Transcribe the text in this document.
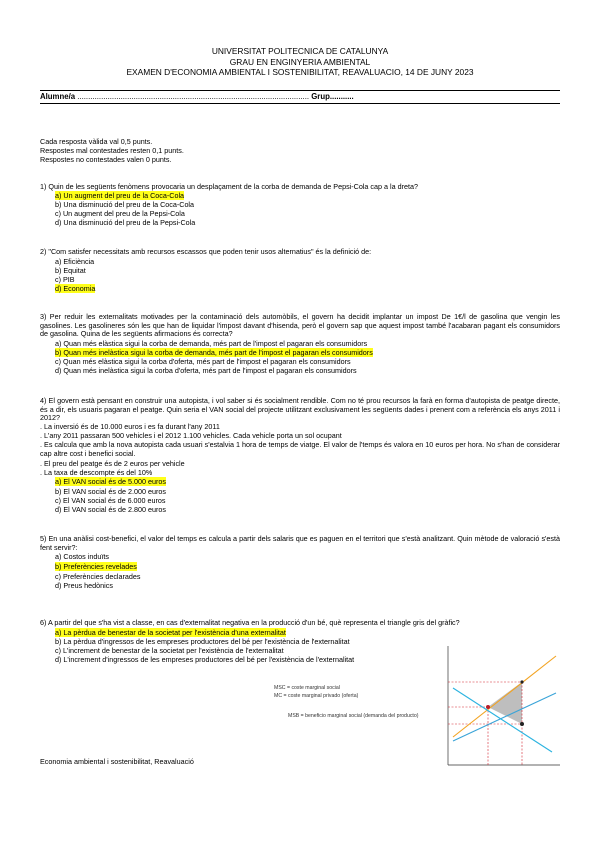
UNIVERSITAT POLITECNICA DE CATALUNYA
GRAU EN ENGINYERIA AMBIENTAL
EXAMEN D'ECONOMIA AMBIENTAL I SOSTENIBILITAT, REAVALUACIO, 14 DE JUNY 2023
Alumne/a ........................................................................................................... Grup...........
Cada resposta vàlida val 0,5 punts.
Respostes mal contestades resten 0,1 punts.
Respostes no contestades valen 0 punts.
1) Quin de les següents fenòmens provocaria un desplaçament de la corba de demanda de Pepsi-Cola cap a la dreta?
a) Un augment del preu de la Coca-Cola
b) Una disminució del preu de la Coca-Cola
c) Un augment del preu de la Pepsi-Cola
d) Una disminució del preu de la Pepsi-Cola
2) "Com satisfer necessitats amb recursos escassos que poden tenir usos alternatius" és la definició de:
a) Eficiència
b) Equitat
c) PIB
d) Economia
3) Per reduir les externalitats motivades per la contaminació dels automòbils, el govern ha decidit implantar un impost De 1€/l de gasolina que vengin les gasolines. Les gasolineres són les que han de liquidar l'impost davant d'hisenda, però el govern sap que aquest impost també l'acabaran pagant els consumidors de gasolina. Quina de les següents afirmacions és correcta?
a) Quan més elàstica sigui la corba de demanda, més part de l'impost el pagaran els consumidors
b) Quan més inelàstica sigui la corba de demanda, més part de l'impost el pagaran els consumidors
c) Quan més elàstica sigui la corba d'oferta, més part de l'impost el pagaran els consumidors
d) Quan més inelàstica sigui la corba d'oferta, més part de l'impost el pagaran els consumidors
4) El govern està pensant en construir una autopista, i vol saber si és socialment rendible. Com no té prou recursos la farà en forma d'autopista de peatge directe, és a dir, els usuaris pagaran el peatge. Quin seria el VAN social del projecte utilitzant exclusivament les següents dades i prenent com a referència els anys 2011 i 2012?
. La inversió és de 10.000 euros i es fa durant l'any 2011
. L'any 2011 passaran 500 vehicles i el 2012 1.100 vehicles. Cada vehicle porta un sol ocupant
. Es calcula que amb la nova autopista cada usuari s'estalvia 1 hora de temps de viatge. El valor de l'temps és valora en 10 euros per hora. No s'han de considerar cap altre cost i benefici social.
. El preu del peatge és de 2 euros per vehicle
. La taxa de descompte és del 10%
a) El VAN social és de 5.000 euros
b) El VAN social és de 2.000 euros
c) El VAN social és de 6.000 euros
d) El VAN social és de 2.800 euros
5) En una anàlisi cost-benefici, el valor del temps es calcula a partir dels salaris que es paguen en el territori que s'està analitzant. Quin mètode de valoració s'està fent servir?:
a) Costos induïts
b) Preferències revelades
c) Preferències declarades
d) Preus hedònics
6) A partir del que s'ha vist a classe, en cas d'externalitat negativa en la producció d'un bé, què representa el triangle gris del gràfic?
a) La pèrdua de benestar de la societat per l'existència d'una externalitat
b) La pèrdua d'ingressos de les empreses productores del bé per l'existència de l'externalitat
c) L'increment de benestar de la societat per l'existència de l'externalitat
d) L'increment d'ingressos de les empreses productores del bé per l'existència de l'externalitat
MSC = coste marginal social
MC = coste marginal privado (oferta)
MSB = beneficio marginal social (demanda del producto)
Economia ambiental i sostenibilitat, Reavaluació
